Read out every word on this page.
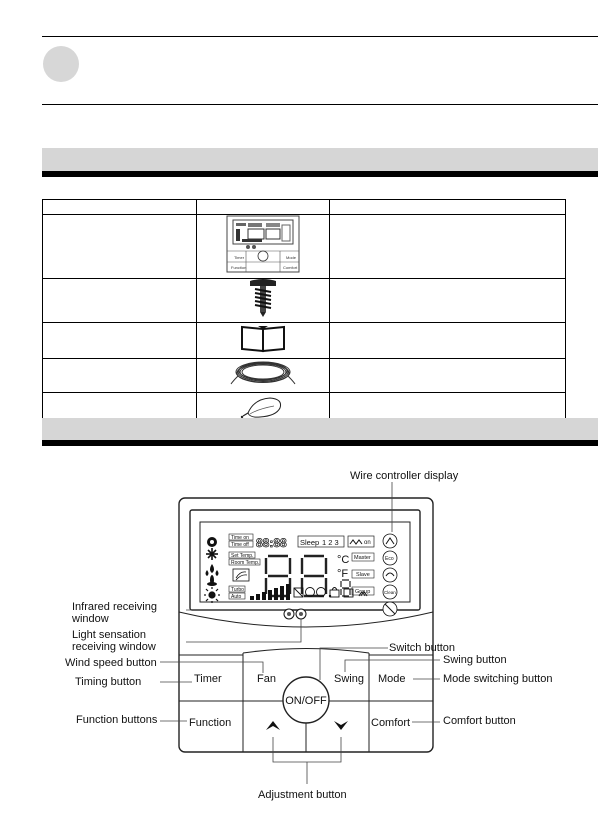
Timer Mode
Function Comfort	

Time on
Time off 88:88 Sleep 1 2 3	on
Set Temp.
Room Temp.	°C
°F
Master
Slave
Group
Eco
Clean
Turbo
Auto
Timer	Fan	Swing Mode
Function	Comfort
ON/OFF
Wire controller display
Infrared receiving
window
Light sensation
receiving window
Wind speed button
Timing button
Function buttons
Switch button
Swing button
Mode switching button
Comfort button
Adjustment button
